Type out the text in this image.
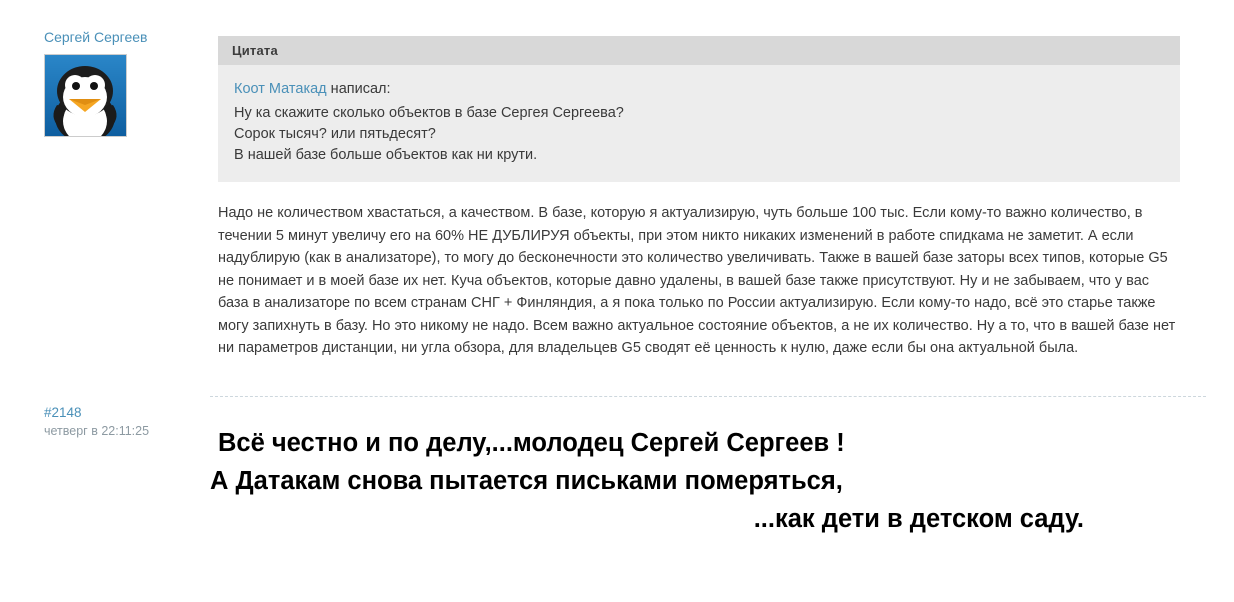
Сергей Сергеев
Цитата
Коот Матакад написал:
Ну ка скажите сколько объектов в базе Сергея Сергеева?
Сорок тысяч? или пятьдесят?
В нашей базе больше объектов как ни крути.
Надо не количеством хвастаться, а качеством. В базе, которую я актуализирую, чуть больше 100 тыс. Если кому-то важно количество, в течении 5 минут увеличу его на 60% НЕ ДУБЛИРУЯ объекты, при этом никто никаких изменений в работе спидкама не заметит. А если надублирую (как в анализаторе), то могу до бесконечности это количество увеличивать. Также в вашей базе заторы всех типов, которые G5 не понимает и в моей базе их нет. Куча объектов, которые давно удалены, в вашей базе также присутствуют. Ну и не забываем, что у вас база в анализаторе по всем странам СНГ + Финляндия, а я пока только по России актуализирую. Если кому-то надо, всё это старье также могу запихнуть в базу. Но это никому не надо. Всем важно актуальное состояние объектов, а не их количество. Ну а то, что в вашей базе нет ни параметров дистанции, ни угла обзора, для владельцев G5 сводят её ценность к нулю, даже если бы она актуальной была.
#2148
четверг в 22:11:25	Всё честно и по делу,...молодец Сергей Сергеев !
А Датакам снова пытается письками померяться,
...как дети в детском саду.
